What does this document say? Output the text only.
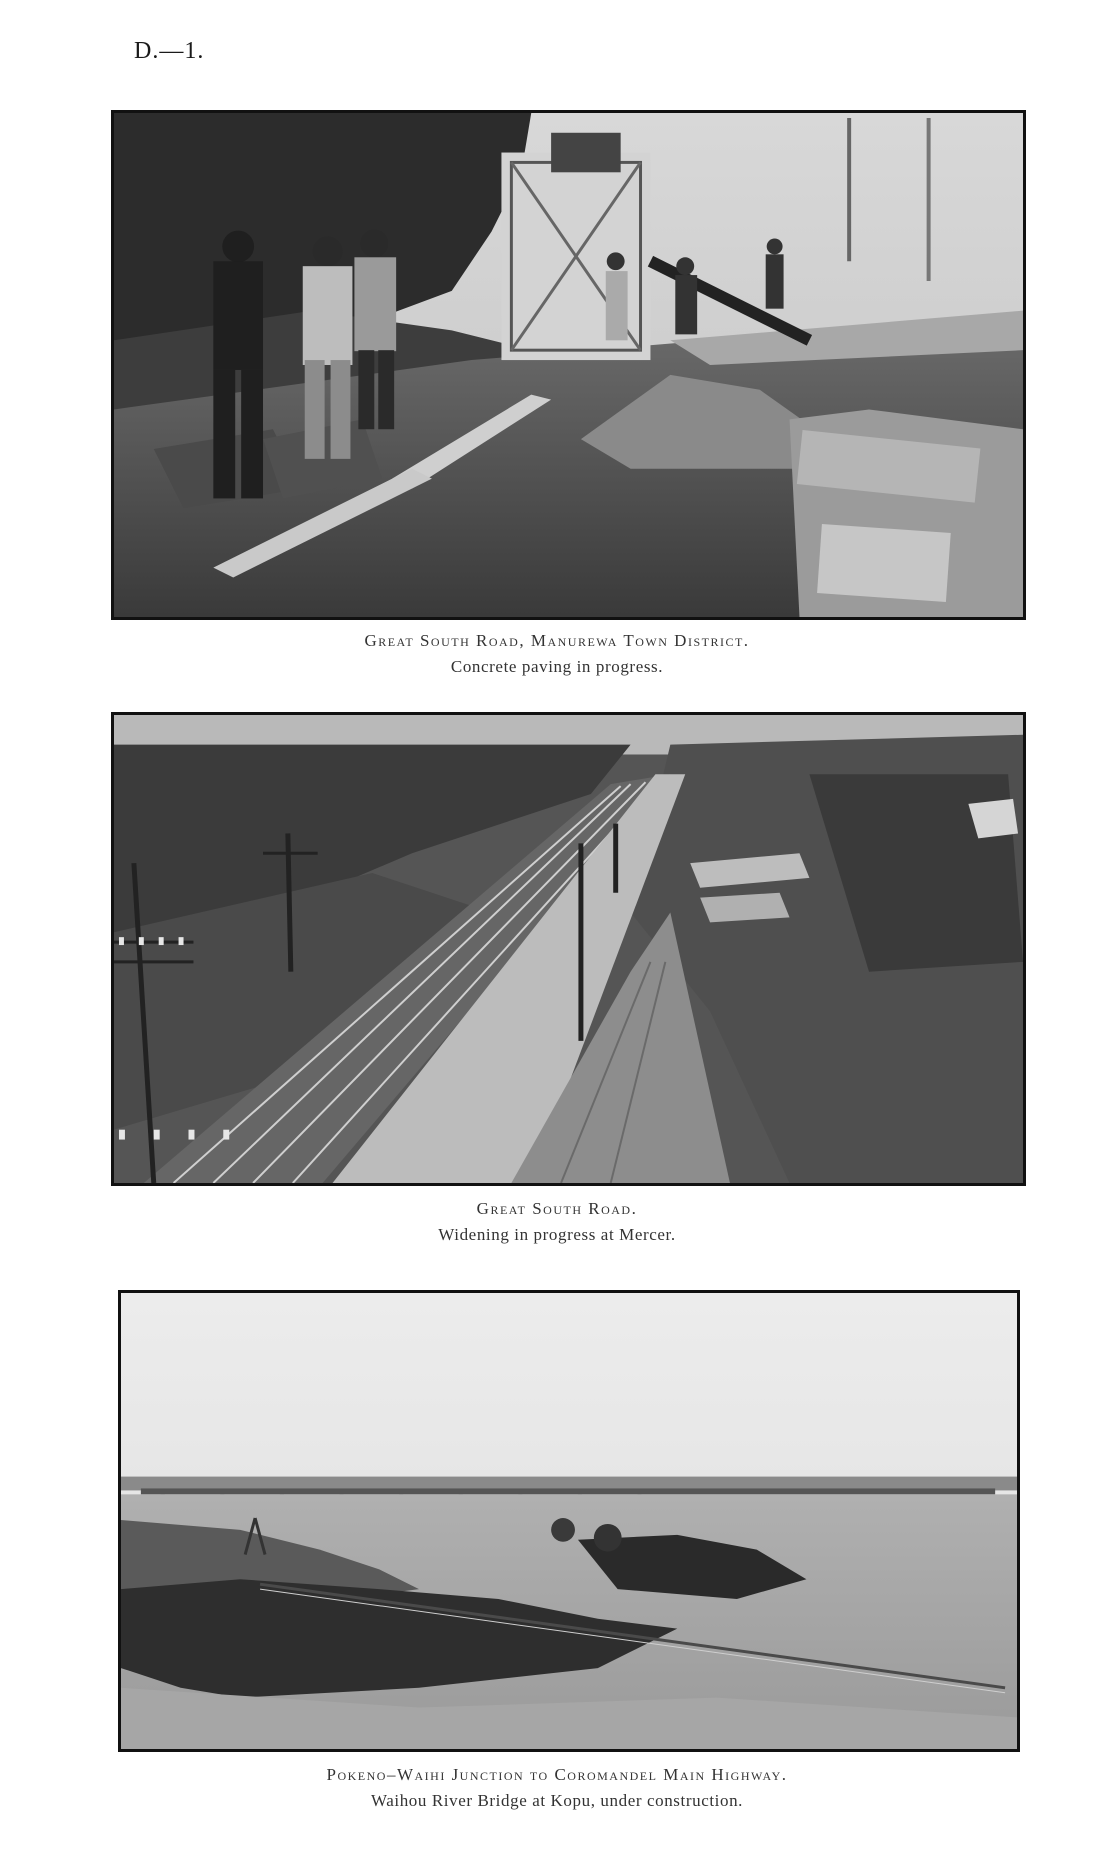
D.—1.
Great South Road, Manurewa Town District.
Concrete paving in progress.
Great South Road.
Widening in progress at Mercer.
Pokeno–Waihi Junction to Coromandel Main Highway.
Waihou River Bridge at Kopu, under construction.
